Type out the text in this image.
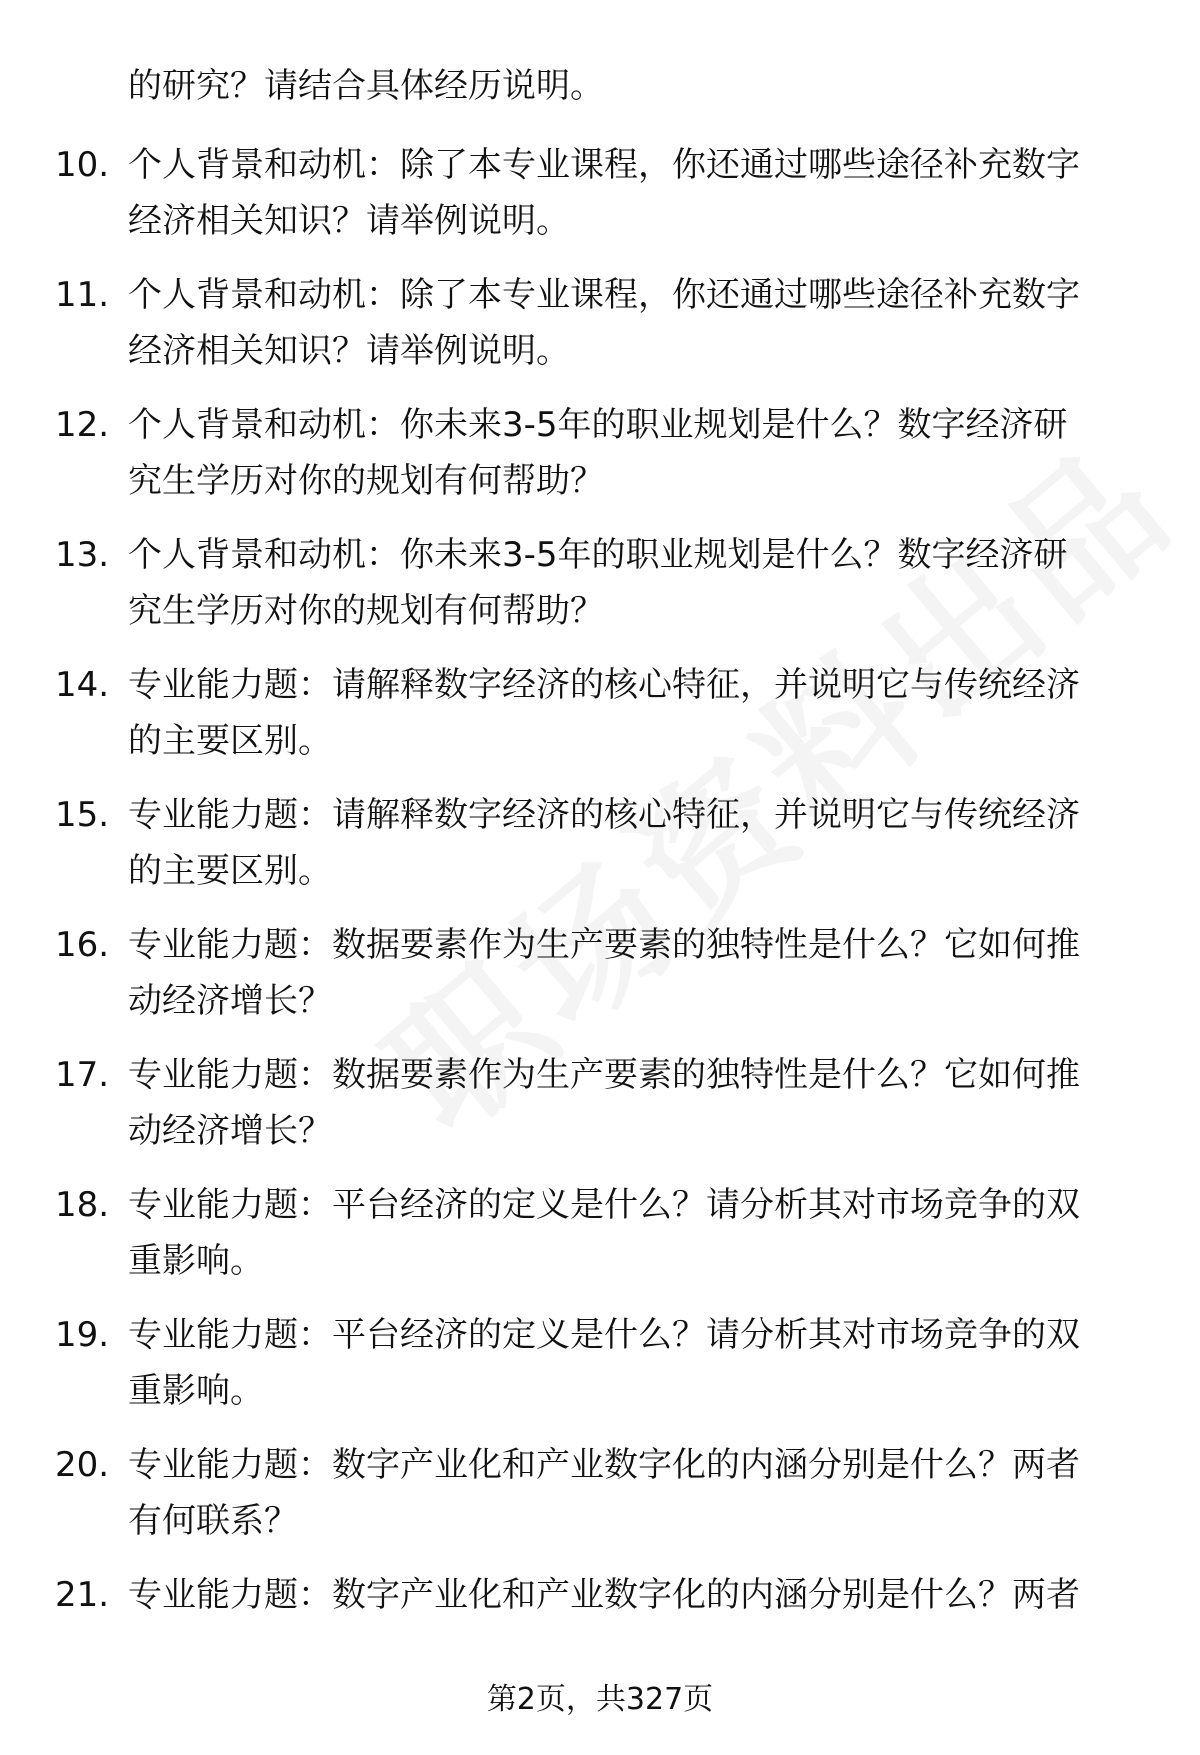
的研究？请结合具体经历说明。
10. 个人背景和动机：除了本专业课程，你还通过哪些途径补充数字
经济相关知识？请举例说明。
11. 个人背景和动机：除了本专业课程，你还通过哪些途径补充数字
经济相关知识？请举例说明。
12. 个人背景和动机：你未来3-5年的职业规划是什么？数字经济研
究生学历对你的规划有何帮助？
13. 个人背景和动机：你未来3-5年的职业规划是什么？数字经济研
究生学历对你的规划有何帮助？
14. 专业能力题：请解释数字经济的核心特征，并说明它与传统经济
的主要区别。
15. 专业能力题：请解释数字经济的核心特征，并说明它与传统经济
的主要区别。
16. 专业能力题：数据要素作为生产要素的独特性是什么？它如何推
动经济增长？
17. 专业能力题：数据要素作为生产要素的独特性是什么？它如何推
动经济增长？
18. 专业能力题：平台经济的定义是什么？请分析其对市场竞争的双
重影响。
19. 专业能力题：平台经济的定义是什么？请分析其对市场竞争的双
重影响。
20. 专业能力题：数字产业化和产业数字化的内涵分别是什么？两者
有何联系？
21. 专业能力题：数字产业化和产业数字化的内涵分别是什么？两者
第2页，共327页
